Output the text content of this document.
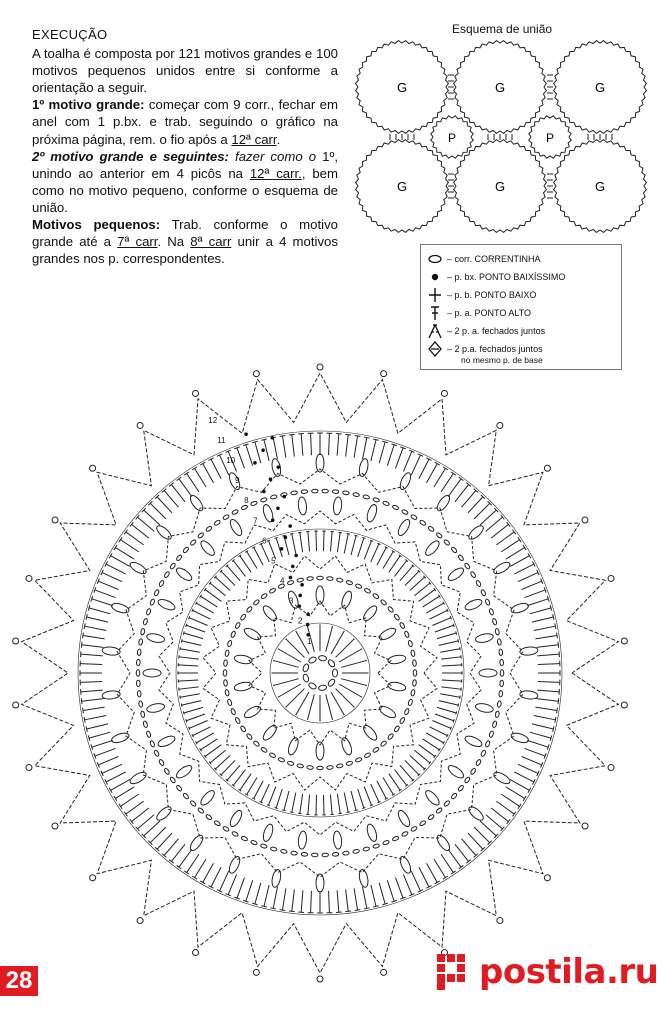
EXECUÇÃO
A toalha é composta por 121 motivos grandes e 100 motivos pequenos unidos entre si conforme a orientação a seguir.
1º motivo grande: começar com 9 corr., fechar em anel com 1 p.bx. e trab. seguindo o gráfico na próxima página, rem. o fio após a 12ª carr.
2º motivo grande e seguintes: fazer como o 1º, unindo ao anterior em 4 picôs na 12ª carr., bem como no motivo pequeno, conforme o esquema de união.
Motivos pequenos: Trab. conforme o motivo grande até a 7ª carr. Na 8ª carr unir a 4 motivos grandes nos p. correspondentes.
Esquema de união
G	G	G
G	G	G
P	P
– corr. CORRENTINHA
– p. bx. PONTO BAIXÍSSIMO
– p. b. PONTO BAIXO
– p. a. PONTO ALTO
– 2 p. a. fechados juntos
– 2 p.a. fechados juntos
no mesmo p. de base
1
2
3
4
5
6
7
8
9
10
11
12
28	postila.ru
